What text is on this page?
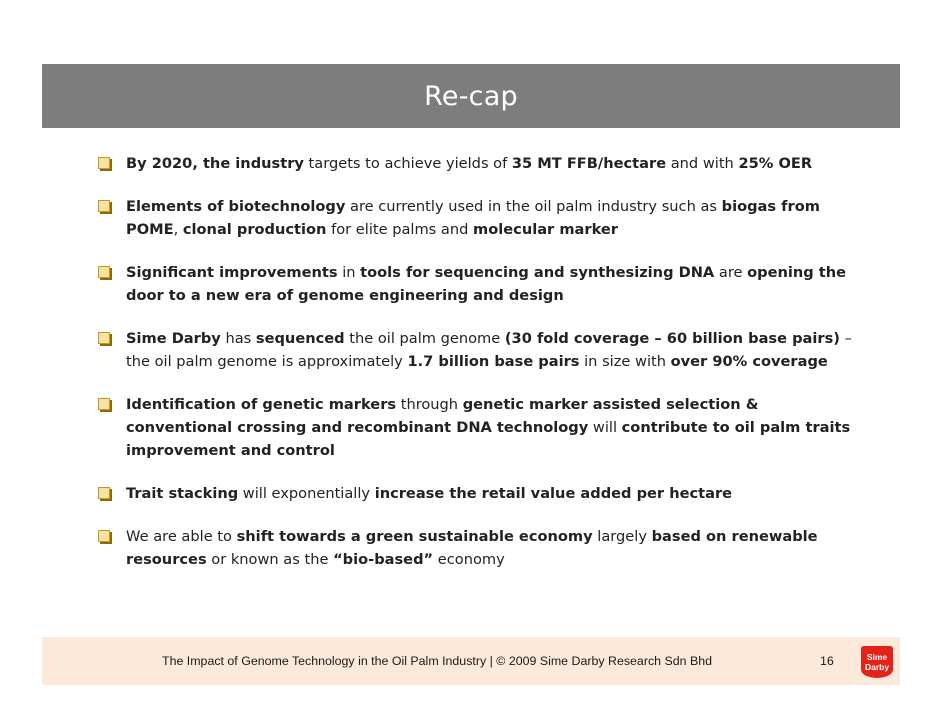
Re-cap
By 2020, the industry targets to achieve yields of 35 MT FFB/hectare and with 25% OER
Elements of biotechnology are currently used in the oil palm industry such as biogas from POME, clonal production for elite palms and molecular marker
Significant improvements in tools for sequencing and synthesizing DNA are opening the door to a new era of genome engineering and design
Sime Darby has sequenced the oil palm genome (30 fold coverage – 60 billion base pairs) – the oil palm genome is approximately 1.7 billion base pairs in size with over 90% coverage
Identification of genetic markers through genetic marker assisted selection & conventional crossing and recombinant DNA technology will contribute to oil palm traits improvement and control
Trait stacking will exponentially increase the retail value added per hectare
We are able to shift towards a green sustainable economy largely based on renewable resources or known as the “bio-based” economy
The Impact of Genome Technology in the Oil Palm Industry | © 2009 Sime Darby Research Sdn Bhd	16	Sime
Darby
